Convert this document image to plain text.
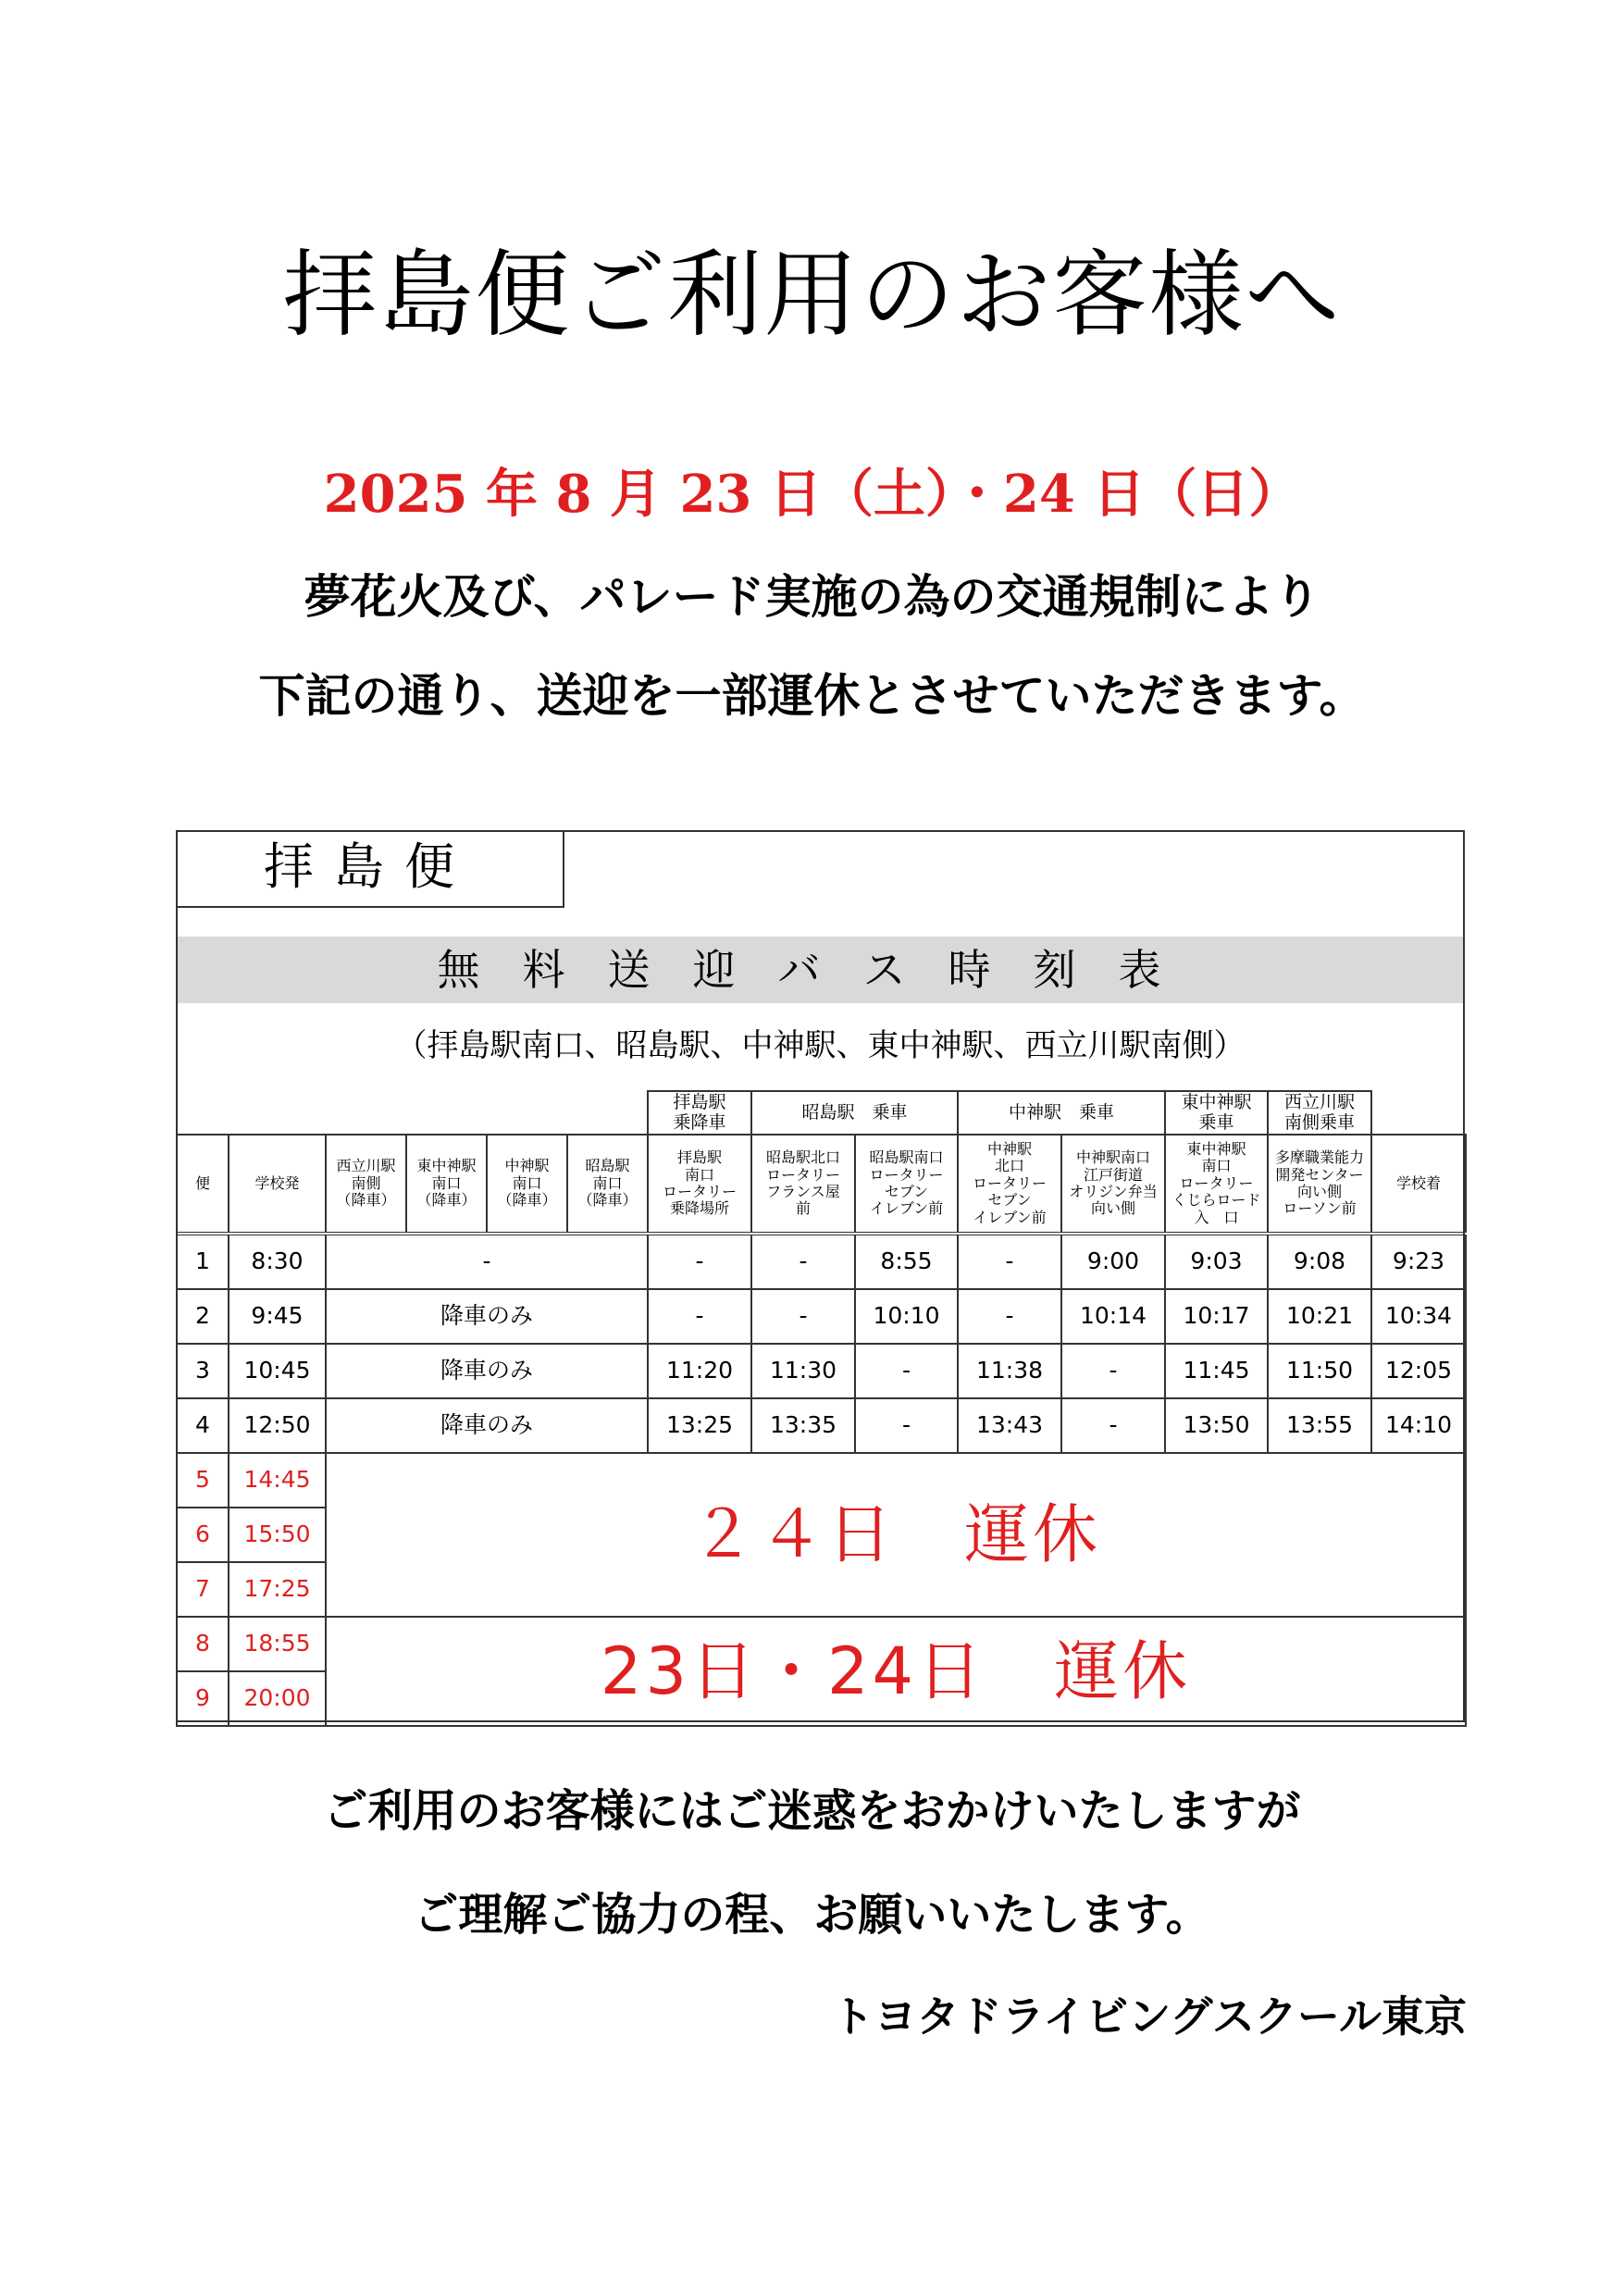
拝島便ご利用のお客様へ
2025 年 8 月 23 日（土）・24 日（日）
夢花火及び、パレード実施の為の交通規制により
下記の通り、送迎を一部運休とさせていただきます。
拝島便
無料送迎バス時刻表
（拝島駅南口、昭島駅、中神駅、東中神駅、西立川駅南側）
						拝島駅
乗降車	昭島駅　乗車		中神駅　乗車		東中神駅
乗車	西立川駅
南側乗車	
便	学校発	西立川駅
南側
（降車）	東中神駅
南口
（降車）	中神駅
南口
（降車）	昭島駅
南口
（降車）	拝島駅
南口
ロータリー
乗降場所	昭島駅北口
ロータリー
フランス屋
前	昭島駅南口
ロータリー
セブン
イレブン前	中神駅
北口
ロータリー
セブン
イレブン前	中神駅南口
江戸街道
オリジン弁当
向い側	東中神駅
南口
ロータリー
くじらロード
入　口	多摩職業能力
開発センター
向い側
ローソン前	学校着
1	8:30	-				-	-	8:55	-	9:00	9:03	9:08	9:23
2	9:45	降車のみ				-	-	10:10	-	10:14	10:17	10:21	10:34
3	10:45	降車のみ				11:20	11:30	-	11:38	-	11:45	11:50	12:05
4	12:50	降車のみ				13:25	13:35	-	13:43	-	13:50	13:55	14:10
5	14:45	２４日　運休											
6	15:50												
7	17:25												
8	18:55	23日・24日　運休											
9	20:00												
ご利用のお客様にはご迷惑をおかけいたしますが
ご理解ご協力の程、お願いいたします。
トヨタドライビングスクール東京
